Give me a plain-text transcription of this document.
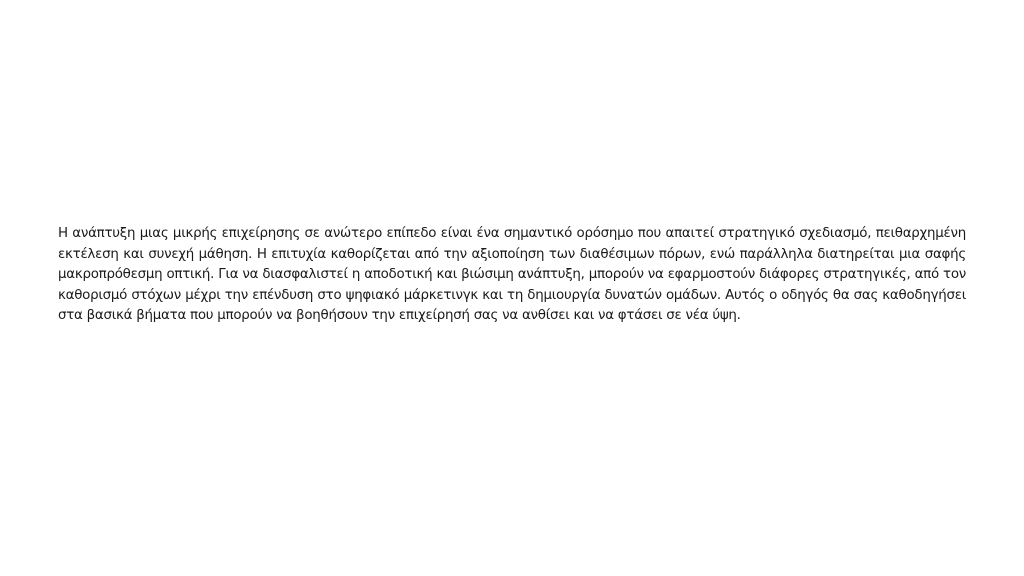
Η ανάπτυξη μιας μικρής επιχείρησης σε ανώτερο επίπεδο είναι ένα σημαντικό ορόσημο που απαιτεί στρατηγικό σχεδιασμό, πειθαρχημένη εκτέλεση και συνεχή μάθηση. Η επιτυχία καθορίζεται από την αξιοποίηση των διαθέσιμων πόρων, ενώ παράλληλα διατηρείται μια σαφής μακροπρόθεσμη οπτική. Για να διασφαλιστεί η αποδοτική και βιώσιμη ανάπτυξη, μπορούν να εφαρμοστούν διάφορες στρατηγικές, από τον καθορισμό στόχων μέχρι την επένδυση στο ψηφιακό μάρκετινγκ και τη δημιουργία δυνατών ομάδων. Αυτός ο οδηγός θα σας καθοδηγήσει στα βασικά βήματα που μπορούν να βοηθήσουν την επιχείρησή σας να ανθίσει και να φτάσει σε νέα ύψη.
